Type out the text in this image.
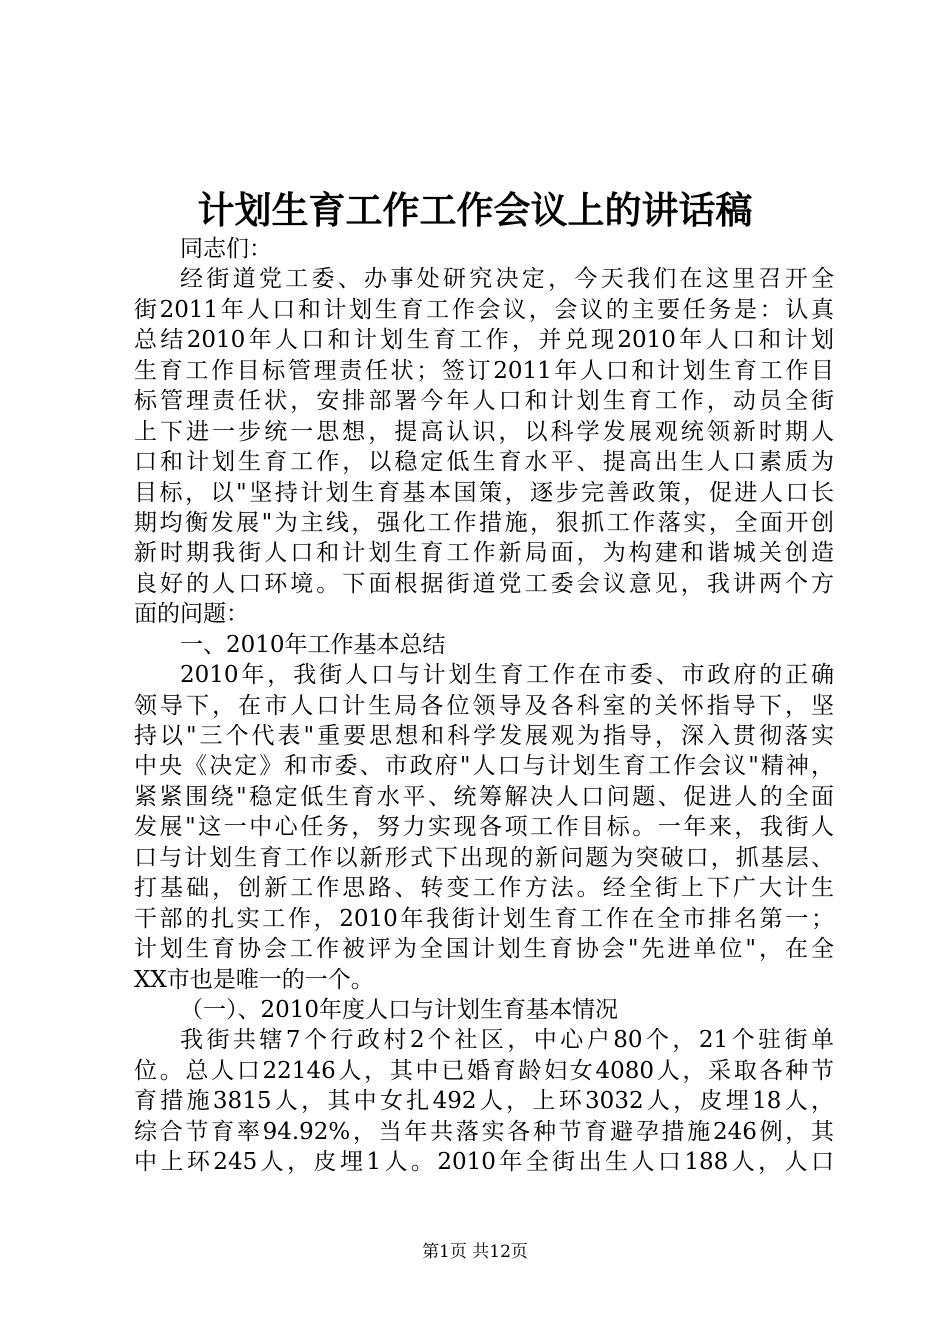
计划生育工作工作会议上的讲话稿
同志们：
经街道党工委、办事处研究决定，今天我们在这里召开全
街2011年人口和计划生育工作会议，会议的主要任务是：认真
总结2010年人口和计划生育工作，并兑现2010年人口和计划
生育工作目标管理责任状；签订2011年人口和计划生育工作目
标管理责任状，安排部署今年人口和计划生育工作，动员全街
上下进一步统一思想，提高认识，以科学发展观统领新时期人
口和计划生育工作，以稳定低生育水平、提高出生人口素质为
目标，以"坚持计划生育基本国策，逐步完善政策，促进人口长
期均衡发展"为主线，强化工作措施，狠抓工作落实，全面开创
新时期我街人口和计划生育工作新局面，为构建和谐城关创造
良好的人口环境。下面根据街道党工委会议意见，我讲两个方
面的问题：
一、2010年工作基本总结
2010年，我街人口与计划生育工作在市委、市政府的正确
领导下，在市人口计生局各位领导及各科室的关怀指导下，坚
持以"三个代表"重要思想和科学发展观为指导，深入贯彻落实
中央《决定》和市委、市政府"人口与计划生育工作会议"精神，
紧紧围绕"稳定低生育水平、统筹解决人口问题、促进人的全面
发展"这一中心任务，努力实现各项工作目标。一年来，我街人
口与计划生育工作以新形式下出现的新问题为突破口，抓基层、
打基础，创新工作思路、转变工作方法。经全街上下广大计生
干部的扎实工作，2010年我街计划生育工作在全市排名第一；
计划生育协会工作被评为全国计划生育协会"先进单位"，在全
XX市也是唯一的一个。
（一）、2010年度人口与计划生育基本情况
我街共辖7个行政村2个社区，中心户80个，21个驻街单
位。总人口22146人，其中已婚育龄妇女4080人，采取各种节
育措施3815人，其中女扎492人，上环3032人，皮埋18人，
综合节育率94.92%，当年共落实各种节育避孕措施246例，其
中上环245人，皮埋1人。2010年全街出生人口188人，人口
第1页 共12页
